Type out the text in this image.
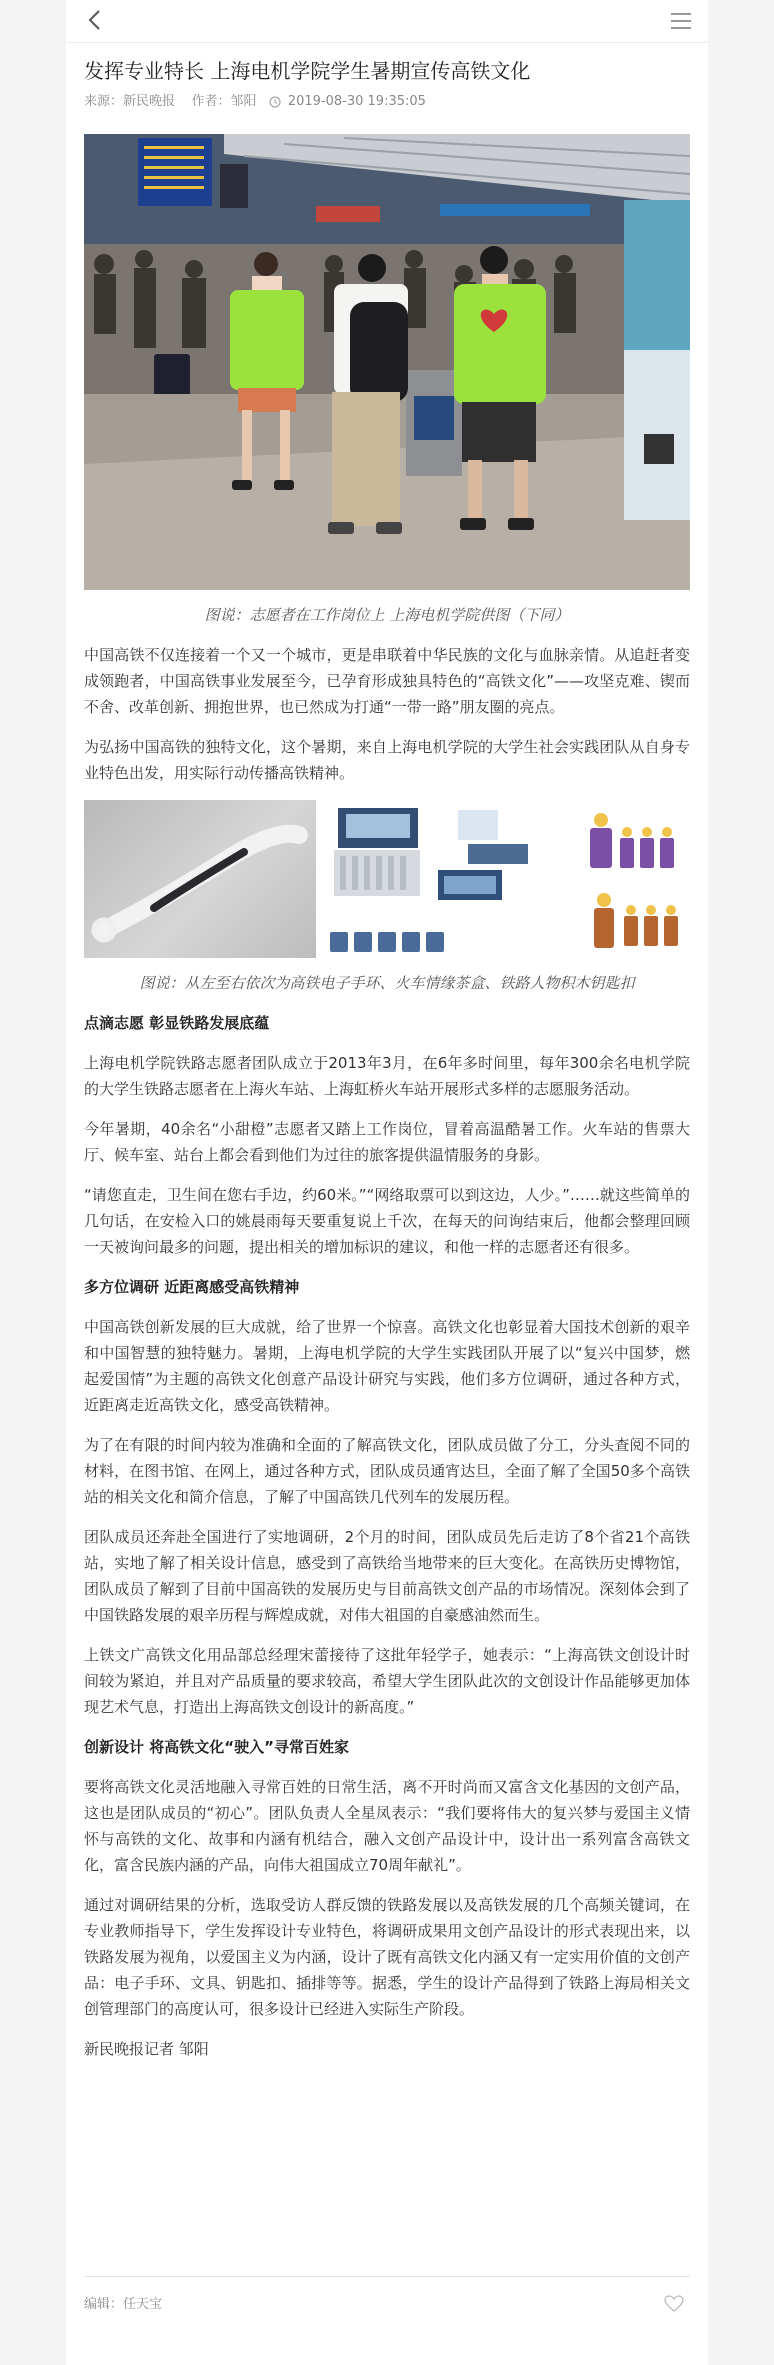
发挥专业特长 上海电机学院学生暑期宣传高铁文化
来源：新民晚报 作者：邹阳 2019-08-30 19:35:05
图说：志愿者在工作岗位上 上海电机学院供图（下同）

中国高铁不仅连接着一个又一个城市，更是串联着中华民族的文化与血脉亲情。从追赶者变成领跑者，中国高铁事业发展至今，已孕育形成独具特色的“高铁文化”——攻坚克难、锲而不舍、改革创新、拥抱世界，也已然成为打通“一带一路”朋友圈的亮点。

为弘扬中国高铁的独特文化，这个暑期，来自上海电机学院的大学生社会实践团队从自身专业特色出发，用实际行动传播高铁精神。

图说：从左至右依次为高铁电子手环、火车情缘茶盒、铁路人物积木钥匙扣
点滴志愿 彰显铁路发展底蕴

上海电机学院铁路志愿者团队成立于2013年3月，在6年多时间里，每年300余名电机学院的大学生铁路志愿者在上海火车站、上海虹桥火车站开展形式多样的志愿服务活动。

今年暑期，40余名“小甜橙”志愿者又踏上工作岗位，冒着高温酷暑工作。火车站的售票大厅、候车室、站台上都会看到他们为过往的旅客提供温情服务的身影。

“请您直走，卫生间在您右手边，约60米。”“网络取票可以到这边，人少。”……就这些简单的几句话，在安检入口的姚晨雨每天要重复说上千次，在每天的问询结束后，他都会整理回顾一天被询问最多的问题，提出相关的增加标识的建议，和他一样的志愿者还有很多。

多方位调研 近距离感受高铁精神

中国高铁创新发展的巨大成就，给了世界一个惊喜。高铁文化也彰显着大国技术创新的艰辛和中国智慧的独特魅力。暑期，上海电机学院的大学生实践团队开展了以“复兴中国梦，燃起爱国情”为主题的高铁文化创意产品设计研究与实践，他们多方位调研，通过各种方式，近距离走近高铁文化，感受高铁精神。

为了在有限的时间内较为准确和全面的了解高铁文化，团队成员做了分工，分头查阅不同的材料，在图书馆、在网上，通过各种方式，团队成员通宵达旦，全面了解了全国50多个高铁站的相关文化和简介信息，了解了中国高铁几代列车的发展历程。

团队成员还奔赴全国进行了实地调研，2个月的时间，团队成员先后走访了8个省21个高铁站，实地了解了相关设计信息，感受到了高铁给当地带来的巨大变化。在高铁历史博物馆，团队成员了解到了目前中国高铁的发展历史与目前高铁文创产品的市场情况。深刻体会到了中国铁路发展的艰辛历程与辉煌成就，对伟大祖国的自豪感油然而生。

上铁文广高铁文化用品部总经理宋蕾接待了这批年轻学子，她表示：“上海高铁文创设计时间较为紧迫，并且对产品质量的要求较高，希望大学生团队此次的文创设计作品能够更加体现艺术气息，打造出上海高铁文创设计的新高度。”

创新设计 将高铁文化“驶入”寻常百姓家

要将高铁文化灵活地融入寻常百姓的日常生活，离不开时尚而又富含文化基因的文创产品，这也是团队成员的“初心”。团队负责人全星凤表示：“我们要将伟大的复兴梦与爱国主义情怀与高铁的文化、故事和内涵有机结合，融入文创产品设计中，设计出一系列富含高铁文化，富含民族内涵的产品，向伟大祖国成立70周年献礼”。

通过对调研结果的分析，选取受访人群反馈的铁路发展以及高铁发展的几个高频关键词，在专业教师指导下，学生发挥设计专业特色，将调研成果用文创产品设计的形式表现出来，以铁路发展为视角，以爱国主义为内涵，设计了既有高铁文化内涵又有一定实用价值的文创产品：电子手环、文具、钥匙扣、插排等等。据悉，学生的设计产品得到了铁路上海局相关文创管理部门的高度认可，很多设计已经进入实际生产阶段。

新民晚报记者 邹阳

编辑：任天宝
